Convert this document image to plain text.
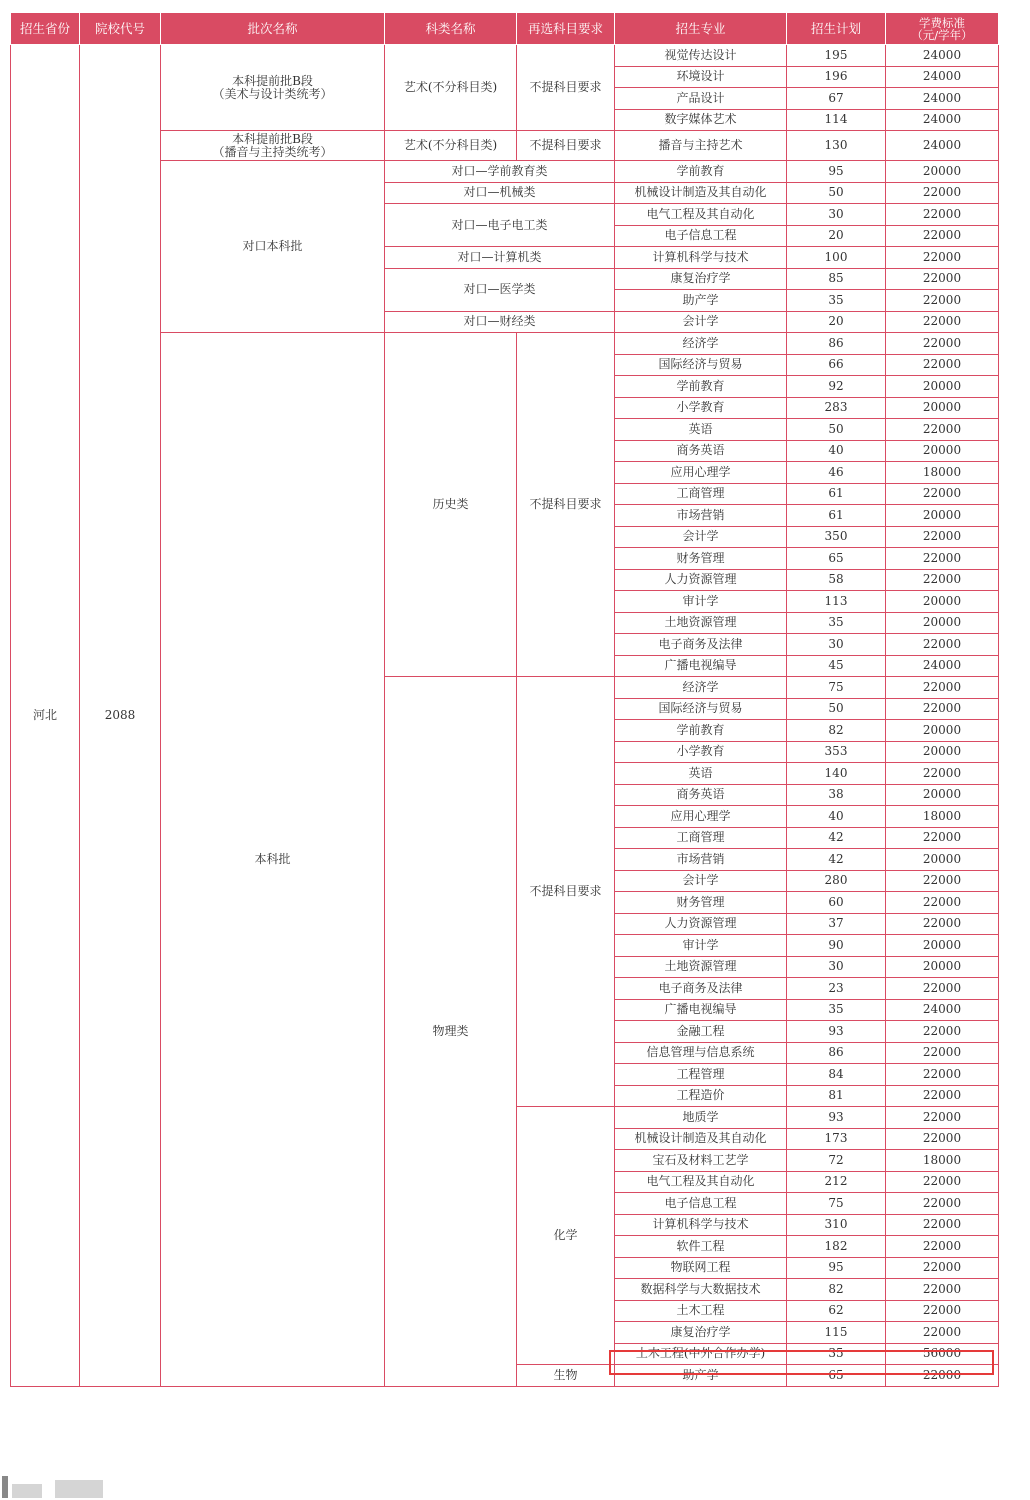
招生省份	院校代号	批次名称	科类名称	再选科目要求	招生专业	招生计划	学费标准
（元/学年）

河北	2088	本科提前批B段
（美术与设计类统考）	艺术(不分科目类)	不提科目要求	视觉传达设计	195	24000
					环境设计	196	24000
					产品设计	67	24000
					数字媒体艺术	114	24000
		本科提前批B段
（播音与主持类统考）	艺术(不分科目类)	不提科目要求	播音与主持艺术	130	24000
		对口本科批	对口—学前教育类		学前教育	95	20000
			对口—机械类		机械设计制造及其自动化	50	22000
			对口—电子电工类		电气工程及其自动化	30	22000
					电子信息工程	20	22000
			对口—计算机类		计算机科学与技术	100	22000
			对口—医学类		康复治疗学	85	22000
					助产学	35	22000
			对口—财经类		会计学	20	22000
		本科批	历史类	不提科目要求	经济学	86	22000
					国际经济与贸易	66	22000
					学前教育	92	20000
					小学教育	283	20000
					英语	50	22000
					商务英语	40	20000
					应用心理学	46	18000
					工商管理	61	22000
					市场营销	61	20000
					会计学	350	22000
					财务管理	65	22000
					人力资源管理	58	22000
					审计学	113	20000
					土地资源管理	35	20000
					电子商务及法律	30	22000
					广播电视编导	45	24000
			物理类	不提科目要求	经济学	75	22000
					国际经济与贸易	50	22000
					学前教育	82	20000
					小学教育	353	20000
					英语	140	22000
					商务英语	38	20000
					应用心理学	40	18000
					工商管理	42	22000
					市场营销	42	20000
					会计学	280	22000
					财务管理	60	22000
					人力资源管理	37	22000
					审计学	90	20000
					土地资源管理	30	20000
					电子商务及法律	23	22000
					广播电视编导	35	24000
					金融工程	93	22000
					信息管理与信息系统	86	22000
					工程管理	84	22000
					工程造价	81	22000
				化学	地质学	93	22000
					机械设计制造及其自动化	173	22000
					宝石及材料工艺学	72	18000
					电气工程及其自动化	212	22000
					电子信息工程	75	22000
					计算机科学与技术	310	22000
					软件工程	182	22000
					物联网工程	95	22000
					数据科学与大数据技术	82	22000
					土木工程	62	22000
					康复治疗学	115	22000
					土木工程(中外合作办学)	35	56000
				生物	助产学	65	22000
